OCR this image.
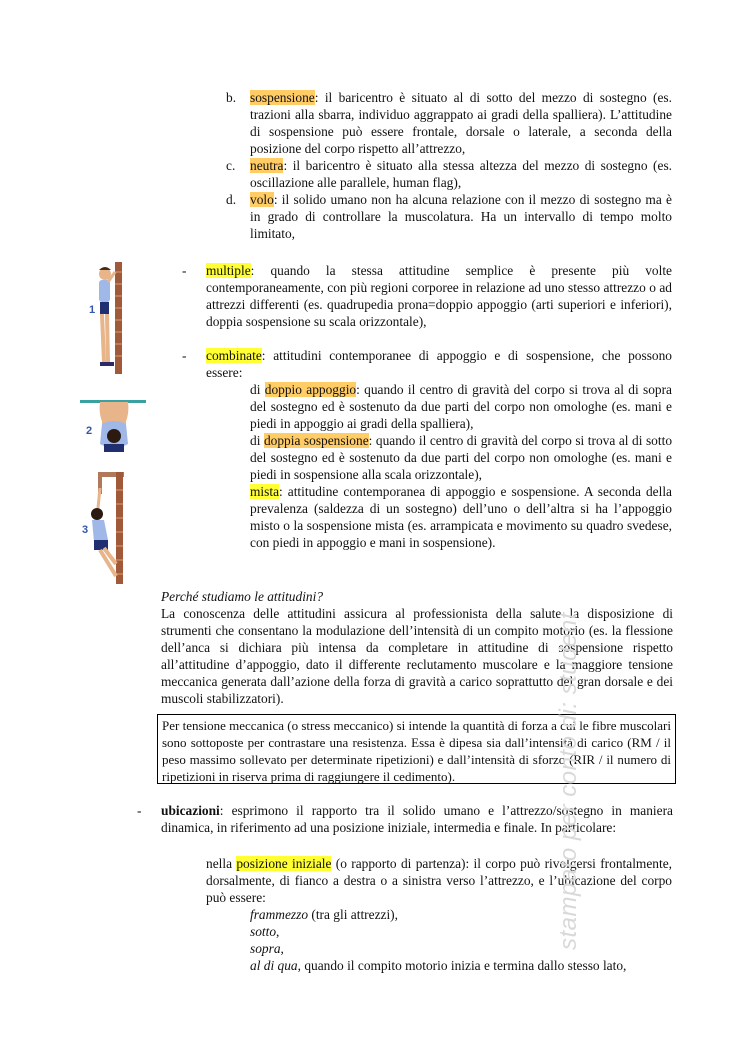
b.	sospensione: il baricentro è situato al di sotto del mezzo di sostegno (es. trazioni alla sbarra, individuo aggrappato ai gradi della spalliera). L’attitudine di sospensione può essere frontale, dorsale o laterale, a seconda della posizione del corpo rispetto all’attrezzo,

c.	neutra: il baricentro è situato alla stessa altezza del mezzo di sostegno (es. oscillazione alle parallele, human flag),

d.	volo: il solido umano non ha alcuna relazione con il mezzo di sostegno ma è in grado di controllare la muscolatura. Ha un intervallo di tempo molto limitato,

- multiple: quando la stessa attitudine semplice è presente più volte contemporaneamente, con più regioni corporee in relazione ad uno stesso attrezzo o ad attrezzi differenti (es. quadrupedia prona=doppio appoggio (arti superiori e inferiori), doppia sospensione su scala orizzontale),

- combinate: attitudini contemporanee di appoggio e di sospensione, che possono essere:

di doppio appoggio: quando il centro di gravità del corpo si trova al di sopra del sostegno ed è sostenuto da due parti del corpo non omologhe (es. mani e piedi in appoggio ai gradi della spalliera),

di doppia sospensione: quando il centro di gravità del corpo si trova al di sotto del sostegno ed è sostenuto da due parti del corpo non omologhe (es. mani e piedi in sospensione alla scala orizzontale),

mista: attitudine contemporanea di appoggio e sospensione. A seconda della prevalenza (saldezza di un sostegno) dell’uno o dell’altra si ha l’appoggio misto o la sospensione mista (es. arrampicata e movimento su quadro svedese, con piedi in appoggio e mani in sospensione).

1
2
3

Perché studiamo le attitudini?

La conoscenza delle attitudini assicura al professionista della salute la disposizione di strumenti che consentano la modulazione dell’intensità di un compito motorio (es. la flessione dell’anca si dichiara più intensa da completare in attitudine di sospensione rispetto all’attitudine d’appoggio, dato il differente reclutamento muscolare e la maggiore tensione meccanica generata dall’azione della forza di gravità a carico soprattutto del gran dorsale e dei muscoli stabilizzatori).

Per tensione meccanica (o stress meccanico) si intende la quantità di forza a cui le fibre muscolari sono sottoposte per contrastare una resistenza. Essa è dipesa sia dall’intensità di carico (RM / il peso massimo sollevato per determinate ripetizioni) e dall’intensità di sforzo (RIR / il numero di ripetizioni in riserva prima di raggiungere il cedimento).
- ubicazioni: esprimono il rapporto tra il solido umano e l’attrezzo/sostegno in maniera dinamica, in riferimento ad una posizione iniziale, intermedia e finale. In particolare:

nella posizione iniziale (o rapporto di partenza): il corpo può rivolgersi frontalmente, dorsalmente, di fianco a destra o a sinistra verso l’attrezzo, e l’ubicazione del corpo può essere:

frammezzo (tra gli attrezzi),

sotto,

sopra,

al di qua, quando il compito motorio inizia e termina dallo stesso lato,

stampato per conto di: student
